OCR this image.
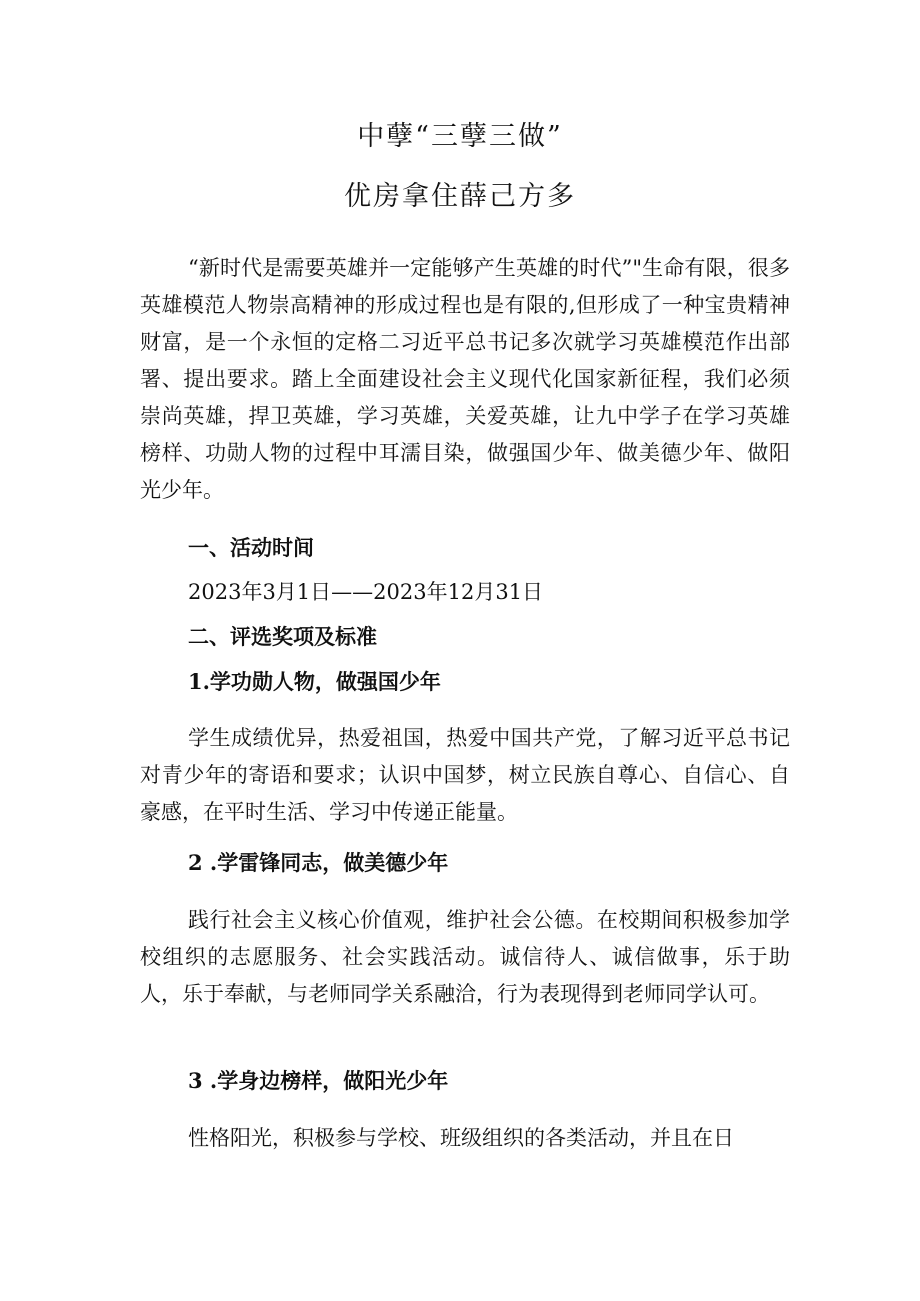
中孽“三孽三做”
优房拿住薛己方多

“新时代是需要英雄并一定能够产生英雄的时代”"生命有限，很多英雄模范人物崇高精神的形成过程也是有限的,但形成了一种宝贵精神财富，是一个永恒的定格二习近平总书记多次就学习英雄模范作出部署、提出要求。踏上全面建设社会主义现代化国家新征程，我们必须崇尚英雄，捍卫英雄，学习英雄，关爱英雄，让九中学子在学习英雄榜样、功勋人物的过程中耳濡目染，做强国少年、做美德少年、做阳光少年。

一、活动时间

2023年3月1日——2023年12月31日

二、评选奖项及标准

1.学功勋人物，做强国少年

学生成绩优异，热爱祖国，热爱中国共产党，了解习近平总书记对青少年的寄语和要求；认识中国梦，树立民族自尊心、自信心、自豪感，在平时生活、学习中传递正能量。

2 .学雷锋同志，做美德少年

践行社会主义核心价值观，维护社会公德。在校期间积极参加学校组织的志愿服务、社会实践活动。诚信待人、诚信做事，乐于助人，乐于奉献，与老师同学关系融洽，行为表现得到老师同学认可。

3 .学身边榜样，做阳光少年

性格阳光，积极参与学校、班级组织的各类活动，并且在日
